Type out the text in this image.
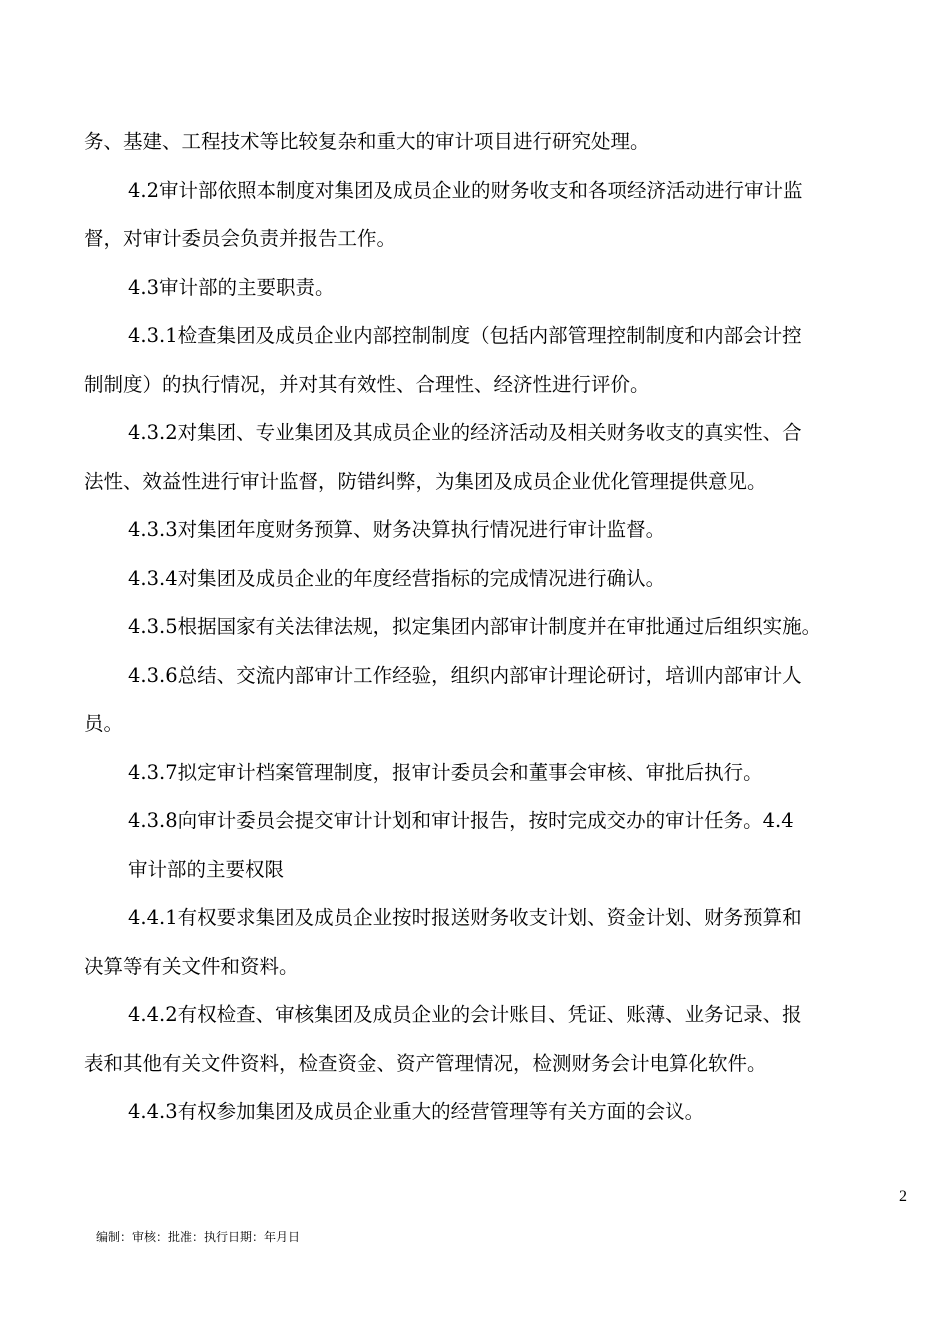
务、基建、工程技术等比较复杂和重大的审计项目进行研究处理。
4.2审计部依照本制度对集团及成员企业的财务收支和各项经济活动进行审计监
督，对审计委员会负责并报告工作。
4.3审计部的主要职责。
4.3.1检查集团及成员企业内部控制制度（包括内部管理控制制度和内部会计控
制制度）的执行情况，并对其有效性、合理性、经济性进行评价。
4.3.2对集团、专业集团及其成员企业的经济活动及相关财务收支的真实性、合
法性、效益性进行审计监督，防错纠弊，为集团及成员企业优化管理提供意见。
4.3.3对集团年度财务预算、财务决算执行情况进行审计监督。
4.3.4对集团及成员企业的年度经营指标的完成情况进行确认。
4.3.5根据国家有关法律法规，拟定集团内部审计制度并在审批通过后组织实施。
4.3.6总结、交流内部审计工作经验，组织内部审计理论研讨，培训内部审计人
员。
4.3.7拟定审计档案管理制度，报审计委员会和董事会审核、审批后执行。
4.3.8向审计委员会提交审计计划和审计报告，按时完成交办的审计任务。4.4
审计部的主要权限
4.4.1有权要求集团及成员企业按时报送财务收支计划、资金计划、财务预算和
决算等有关文件和资料。
4.4.2有权检查、审核集团及成员企业的会计账目、凭证、账薄、业务记录、报
表和其他有关文件资料，检查资金、资产管理情况，检测财务会计电算化软件。
4.4.3有权参加集团及成员企业重大的经营管理等有关方面的会议。

2
编制：审核：批准：执行日期：年月日
